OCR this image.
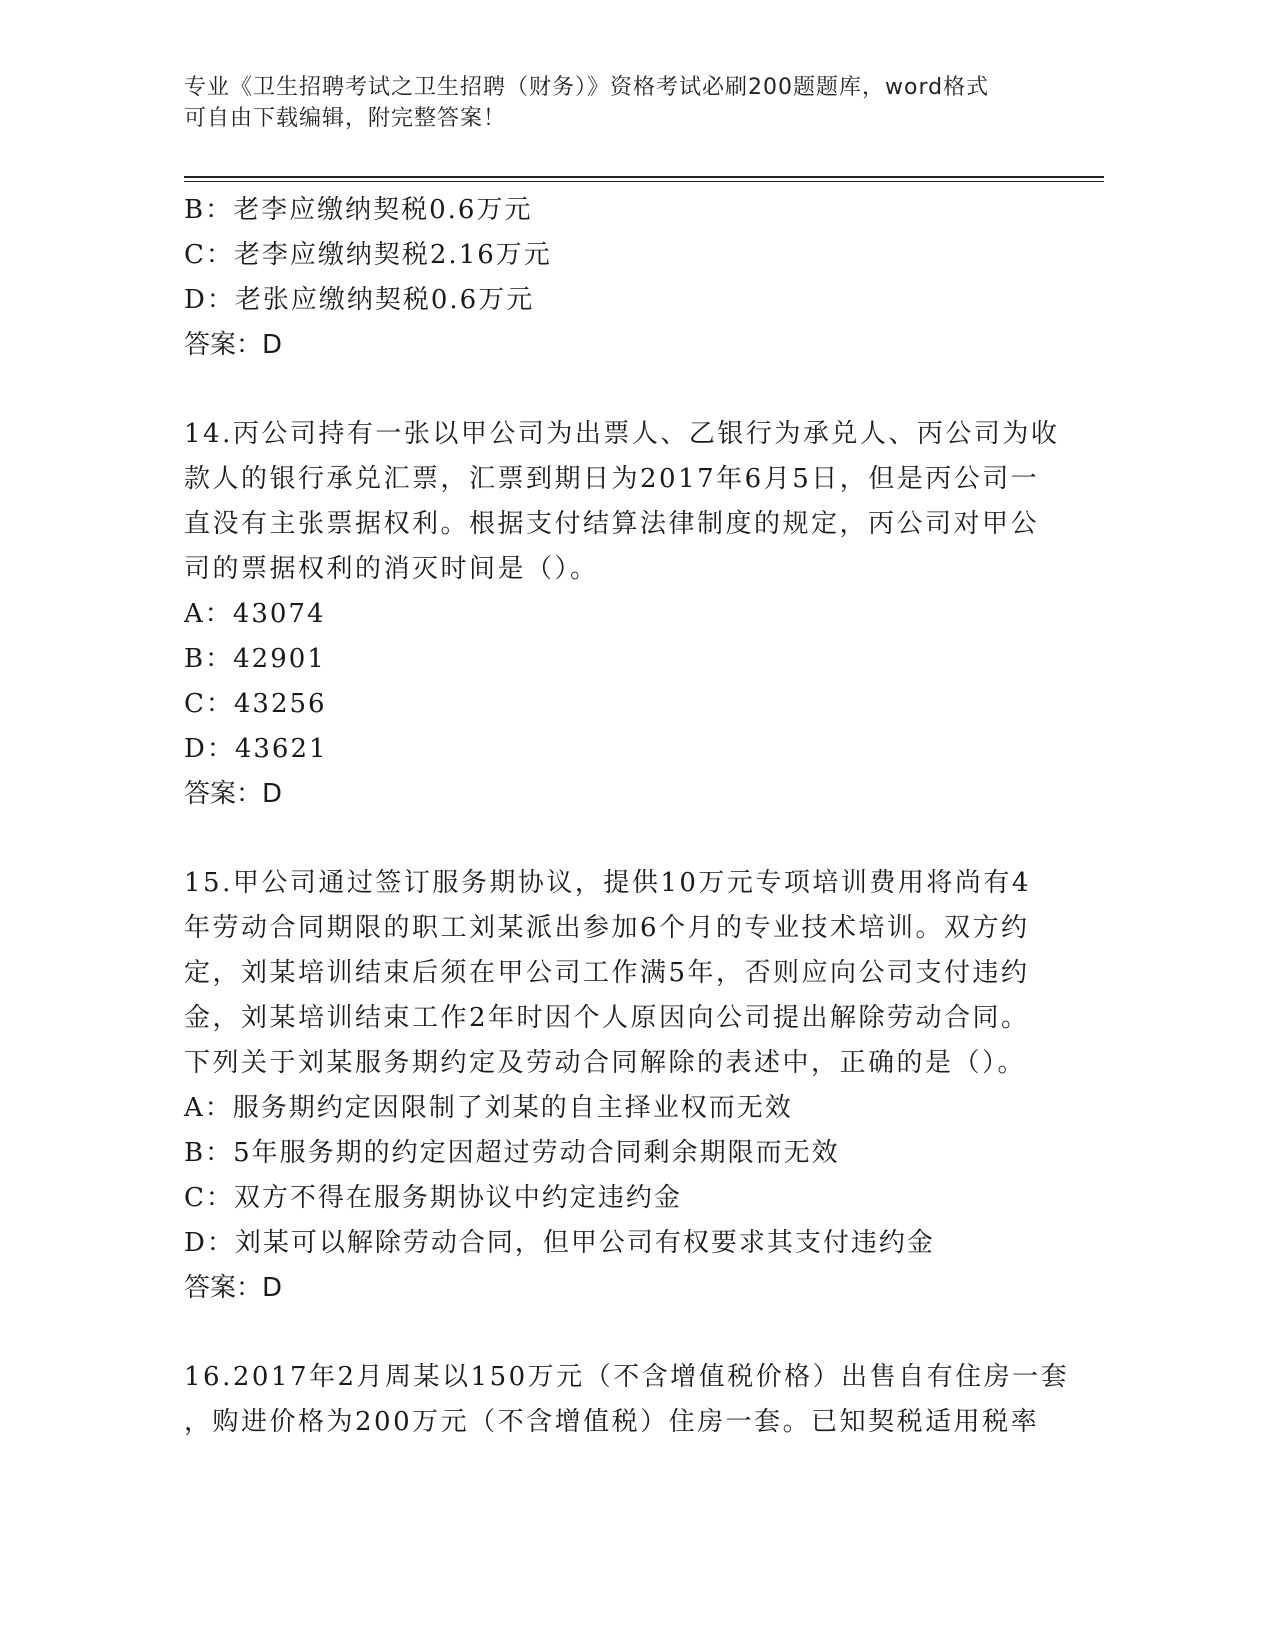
专业《卫生招聘考试之卫生招聘（财务）》资格考试必刷200题题库，word格式
可自由下载编辑，附完整答案！
B：老李应缴纳契税0.6万元
C：老李应缴纳契税2.16万元
D：老张应缴纳契税0.6万元
答案：D
14.丙公司持有一张以甲公司为出票人、乙银行为承兑人、丙公司为收
款人的银行承兑汇票，汇票到期日为2017年6月5日，但是丙公司一
直没有主张票据权利。根据支付结算法律制度的规定，丙公司对甲公
司的票据权利的消灭时间是（）。
A：43074
B：42901
C：43256
D：43621
答案：D
15.甲公司通过签订服务期协议，提供10万元专项培训费用将尚有4
年劳动合同期限的职工刘某派出参加6个月的专业技术培训。双方约
定，刘某培训结束后须在甲公司工作满5年，否则应向公司支付违约
金，刘某培训结束工作2年时因个人原因向公司提出解除劳动合同。
下列关于刘某服务期约定及劳动合同解除的表述中，正确的是（）。
A：服务期约定因限制了刘某的自主择业权而无效
B：5年服务期的约定因超过劳动合同剩余期限而无效
C：双方不得在服务期协议中约定违约金
D：刘某可以解除劳动合同，但甲公司有权要求其支付违约金
答案：D
16.2017年2月周某以150万元（不含增值税价格）出售自有住房一套
，购进价格为200万元（不含增值税）住房一套。已知契税适用税率
